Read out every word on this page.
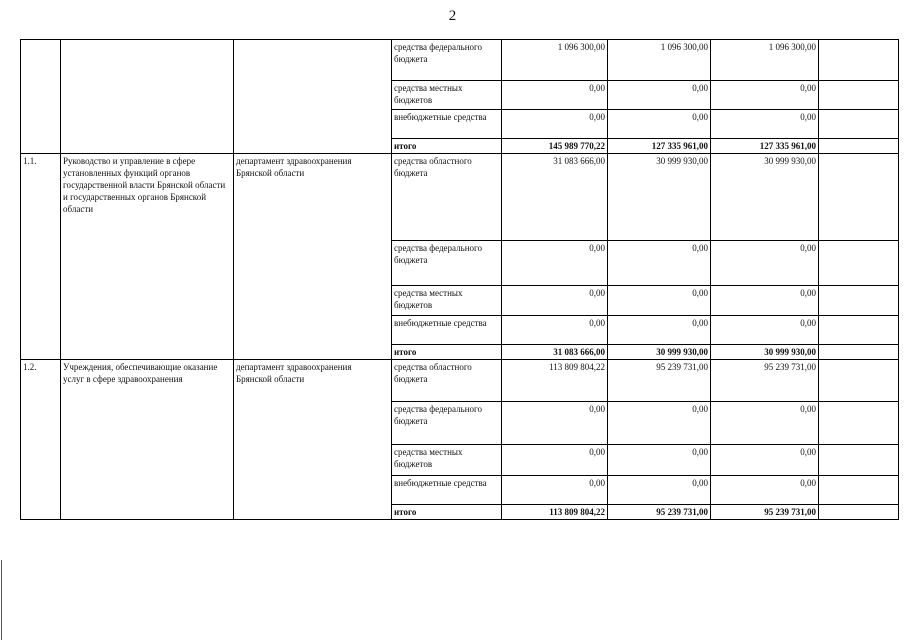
2
			средства федерального бюджета	1 096 300,00	1 096 300,00	1 096 300,00	
			средства местных бюджетов	0,00	0,00	0,00	
			внебюджетные средства	0,00	0,00	0,00	
			итого	145 989 770,22	127 335 961,00	127 335 961,00	
1.1.	Руководство и управление в сфере установленных функций органов государственной власти Брянской области и государственных органов Брянской области	департамент здравоохранения Брянской области	средства областного бюджета	31 083 666,00	30 999 930,00	30 999 930,00	
			средства федерального бюджета	0,00	0,00	0,00	
			средства местных бюджетов	0,00	0,00	0,00	
			внебюджетные средства	0,00	0,00	0,00	
			итого	31 083 666,00	30 999 930,00	30 999 930,00	
1.2.	Учреждения, обеспечивающие оказание услуг в сфере здравоохранения	департамент здравоохранения Брянской области	средства областного бюджета	113 809 804,22	95 239 731,00	95 239 731,00	
			средства федерального бюджета	0,00	0,00	0,00	
			средства местных бюджетов	0,00	0,00	0,00	
			внебюджетные средства	0,00	0,00	0,00	
			итого	113 809 804,22	95 239 731,00	95 239 731,00	
